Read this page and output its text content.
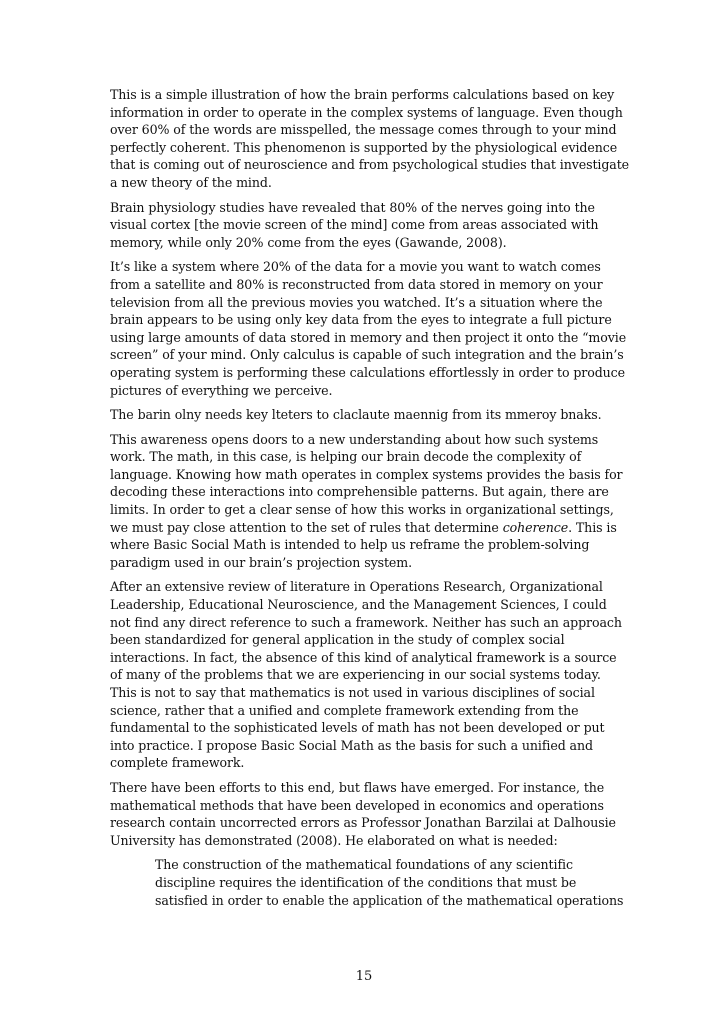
This is a simple illustration of how the brain performs calculations based on key information in order to operate in the complex systems of language. Even though over 60% of the words are misspelled, the message comes through to your mind perfectly coherent. This phenomenon is supported by the physiological evidence that is coming out of neuroscience and from psychological studies that investigate a new theory of the mind.

Brain physiology studies have revealed that 80% of the nerves going into the visual cortex [the movie screen of the mind] come from areas associated with memory, while only 20% come from the eyes (Gawande, 2008).

It’s like a system where 20% of the data for a movie you want to watch comes from a satellite and 80% is reconstructed from data stored in memory on your television from all the previous movies you watched. It’s a situation where the brain appears to be using only key data from the eyes to integrate a full picture using large amounts of data stored in memory and then project it onto the “movie screen” of your mind. Only calculus is capable of such integration and the brain’s operating system is performing these calculations effortlessly in order to produce pictures of everything we perceive.

The barin olny needs key lteters to claclaute maennig from its mmeroy bnaks.

This awareness opens doors to a new understanding about how such systems work. The math, in this case, is helping our brain decode the complexity of language. Knowing how math operates in complex systems provides the basis for decoding these interactions into comprehensible patterns. But again, there are limits. In order to get a clear sense of how this works in organizational settings, we must pay close attention to the set of rules that determine coherence. This is where Basic Social Math is intended to help us reframe the problem-solving paradigm used in our brain’s projection system.

After an extensive review of literature in Operations Research, Organizational Leadership, Educational Neuroscience, and the Management Sciences, I could not find any direct reference to such a framework. Neither has such an approach been standardized for general application in the study of complex social interactions. In fact, the absence of this kind of analytical framework is a source of many of the problems that we are experiencing in our social systems today. This is not to say that mathematics is not used in various disciplines of social science, rather that a unified and complete framework extending from the fundamental to the sophisticated levels of math has not been developed or put into practice. I propose Basic Social Math as the basis for such a unified and complete framework.

There have been efforts to this end, but flaws have emerged. For instance, the mathematical methods that have been developed in economics and operations research contain uncorrected errors as Professor Jonathan Barzilai at Dalhousie University has demonstrated (2008). He elaborated on what is needed:

The construction of the mathematical foundations of any scientific discipline requires the identification of the conditions that must be satisfied in order to enable the application of the mathematical operations

15
